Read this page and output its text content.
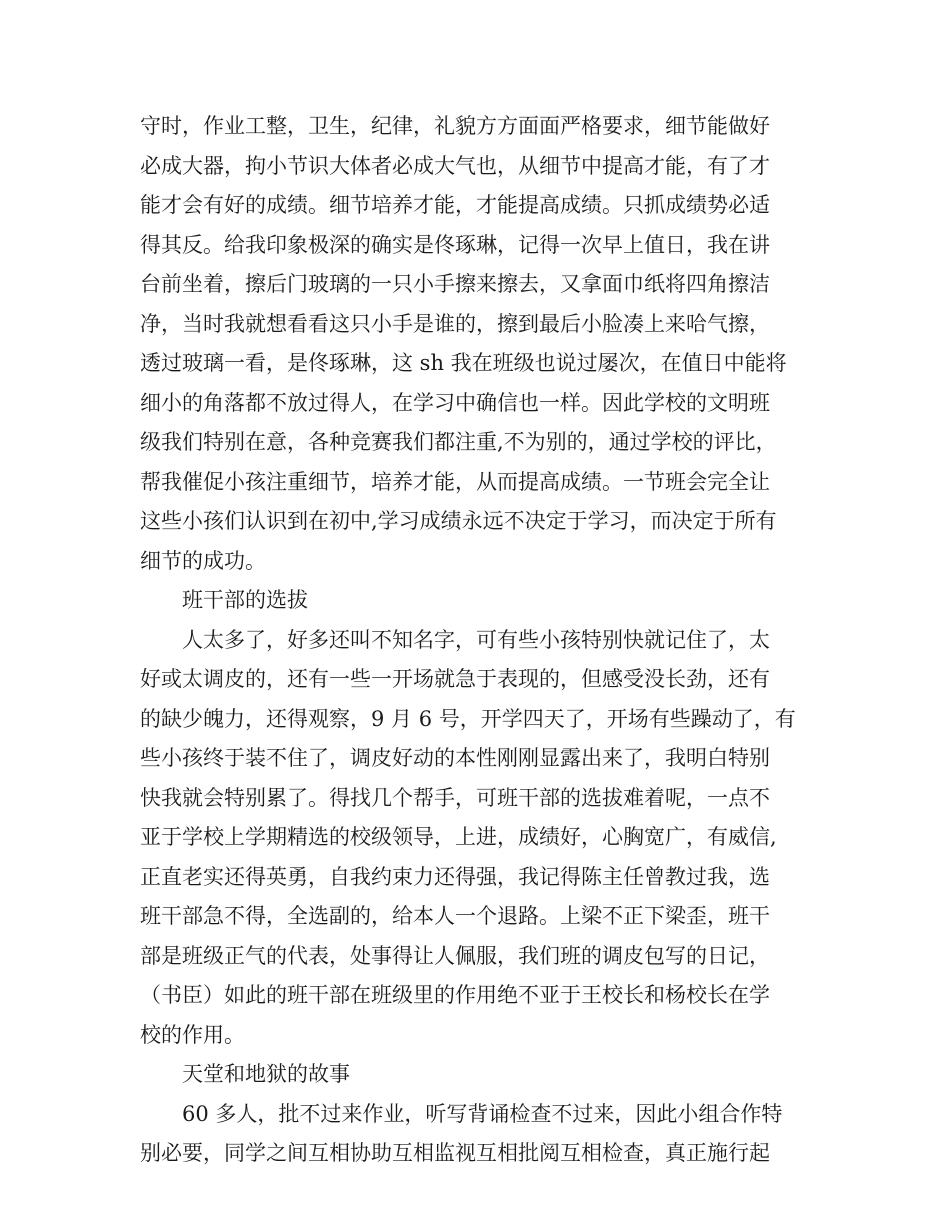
守时，作业工整，卫生，纪律，礼貌方方面面严格要求，细节能做好
必成大器，拘小节识大体者必成大气也，从细节中提高才能，有了才
能才会有好的成绩。细节培养才能，才能提高成绩。只抓成绩势必适
得其反。给我印象极深的确实是佟琢琳，记得一次早上值日，我在讲
台前坐着，擦后门玻璃的一只小手擦来擦去，又拿面巾纸将四角擦洁
净，当时我就想看看这只小手是谁的，擦到最后小脸凑上来哈气擦，
透过玻璃一看，是佟琢琳，这 sh 我在班级也说过屡次，在值日中能将
细小的角落都不放过得人，在学习中确信也一样。因此学校的文明班
级我们特别在意，各种竞赛我们都注重,不为别的，通过学校的评比，
帮我催促小孩注重细节，培养才能，从而提高成绩。一节班会完全让
这些小孩们认识到在初中,学习成绩永远不决定于学习，而决定于所有
细节的成功。
班干部的选拔
人太多了，好多还叫不知名字，可有些小孩特别快就记住了，太
好或太调皮的，还有一些一开场就急于表现的，但感受没长劲，还有
的缺少魄力，还得观察，9 月 6 号，开学四天了，开场有些躁动了，有
些小孩终于装不住了，调皮好动的本性刚刚显露出来了，我明白特别
快我就会特别累了。得找几个帮手，可班干部的选拔难着呢，一点不
亚于学校上学期精选的校级领导，上进，成绩好，心胸宽广，有威信,
正直老实还得英勇，自我约束力还得强，我记得陈主任曾教过我，选
班干部急不得，全选副的，给本人一个退路。上梁不正下梁歪，班干
部是班级正气的代表，处事得让人佩服，我们班的调皮包写的日记，
（书臣）如此的班干部在班级里的作用绝不亚于王校长和杨校长在学
校的作用。
天堂和地狱的故事
60 多人，批不过来作业，听写背诵检查不过来，因此小组合作特
别必要，同学之间互相协助互相监视互相批阅互相检查，真正施行起
